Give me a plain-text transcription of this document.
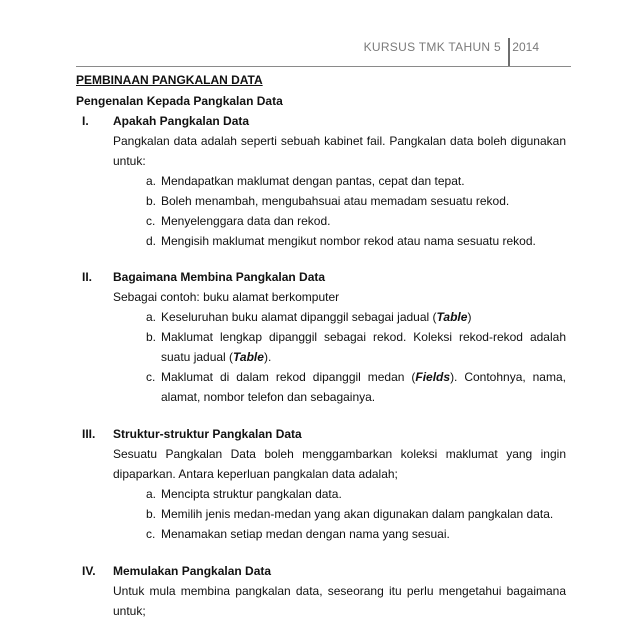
KURSUS TMK TAHUN 5 2014
PEMBINAAN PANGKALAN DATA
Pengenalan Kepada Pangkalan Data
I. Apakah Pangkalan Data

Pangkalan data adalah seperti sebuah kabinet fail. Pangkalan data boleh digunakan untuk:

a. Mendapatkan maklumat dengan pantas, cepat dan tepat.
b. Boleh menambah, mengubahsuai atau memadam sesuatu rekod.
c. Menyelenggara data dan rekod.
d. Mengisih maklumat mengikut nombor rekod atau nama sesuatu rekod.
II. Bagaimana Membina Pangkalan Data

Sebagai contoh: buku alamat berkomputer

a. Keseluruhan buku alamat dipanggil sebagai jadual (Table)
b. Maklumat lengkap dipanggil sebagai rekod. Koleksi rekod-rekod adalah suatu jadual (Table).
c. Maklumat di dalam rekod dipanggil medan (Fields). Contohnya, nama, alamat, nombor telefon dan sebagainya.
III. Struktur-struktur Pangkalan Data

Sesuatu Pangkalan Data boleh menggambarkan koleksi maklumat yang ingin dipaparkan. Antara keperluan pangkalan data adalah;

a. Mencipta struktur pangkalan data.
b. Memilih jenis medan-medan yang akan digunakan dalam pangkalan data.
c. Menamakan setiap medan dengan nama yang sesuai.
IV. Memulakan Pangkalan Data

Untuk mula membina pangkalan data, seseorang itu perlu mengetahui bagaimana untuk;
